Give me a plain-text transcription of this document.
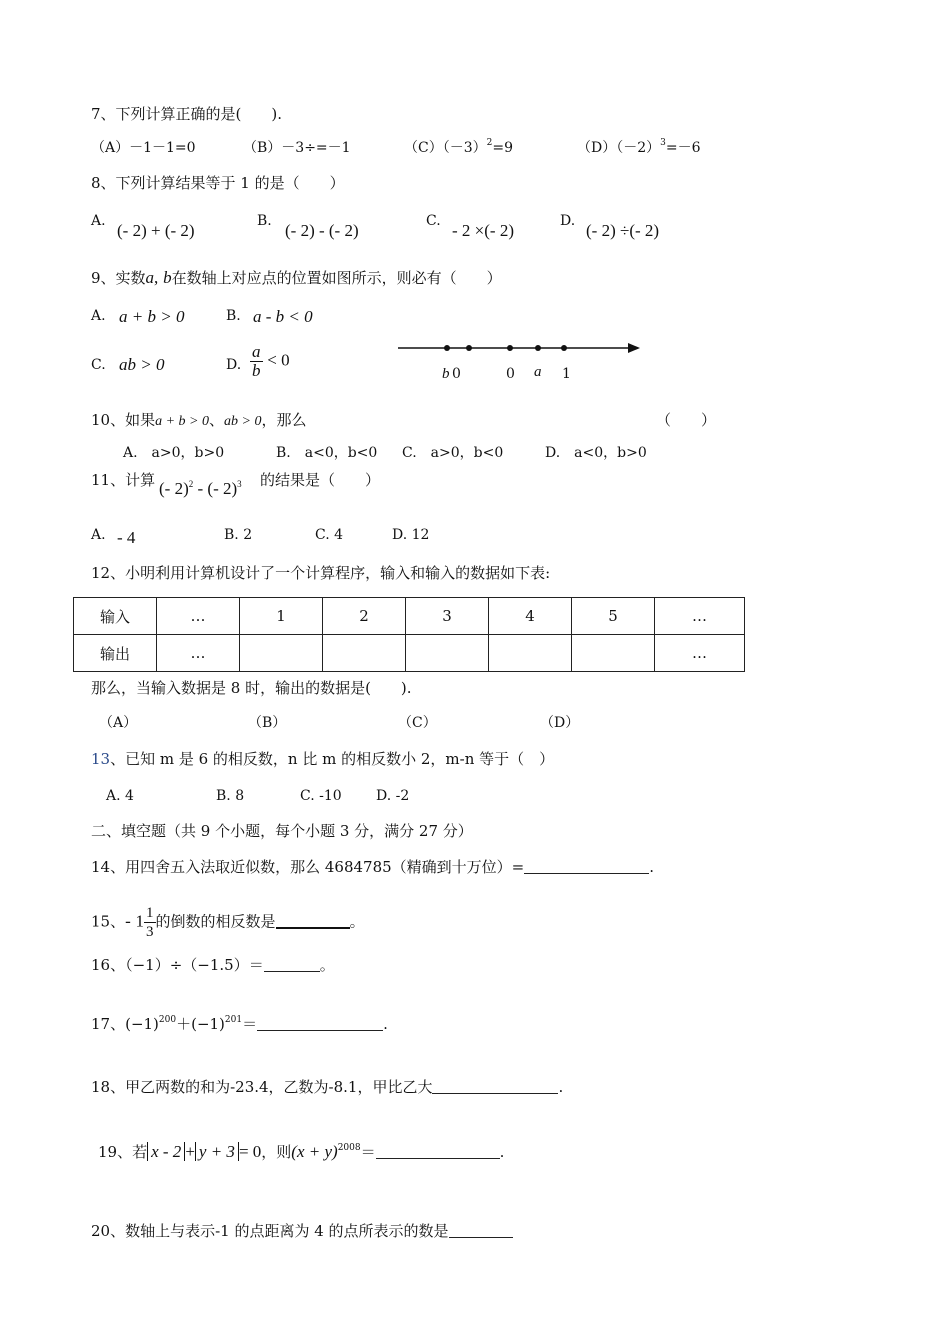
7、下列计算正确的是(　　).
（A）－1－1=0	（B）－3÷=－1	$(C)(-3)^2=9$	$(D)(-2)^3=-6$
8、下列计算结果等于 1 的是（　　）
A. (- 2) + (- 2)	B. (- 2) - (- 2)	C. - 2 ×(- 2)	D. (- 2) ÷(- 2)
9、实数a, b在数轴上对应点的位置如图所示，则必有（　　）
A. a + b > 0	B. a - b < 0
C. ab > 0	D. $\frac{a}{b} < 0$
b 0	0 a 1
10、如果a + b > 0、ab > 0，那么	（　　）
A.　a>0，b>0	B.　a<0，b<0 C.　a>0，b<0	D.　a<0，b>0
11、计算 (- 2)$^2$ - (- 2)$^3$ 的结果是（　　）
A. - 4	B. 2	C. 4	D. 12
12、小明利用计算机设计了一个计算程序，输入和输入的数据如下表:
输入	…	1	2	3	4	5	…
输出	…						…
那么，当输入数据是 8 时，输出的数据是(　　).
（A）	（B）	（C）	（D）
13、已知 m 是 6 的相反数，n 比 m 的相反数小 2，m-n 等于（　）
A. 4	B. 8	C. -10 D. -2
二、填空题（共 9 个小题，每个小题 3 分，满分 27 分）
14、用四舍五入法取近似数，那么 4684785（精确到十万位）=	.
15、- $1 \frac{1}{3}$ 的倒数的相反数是	。
16、（−1）÷（−1.5）＝	。
17、$(-1)^{200}+(-1)^{201}=$	.
18、甲乙两数的和为-23.4，乙数为-8.1，甲比乙大	.
19、若 x - 2 + y + 3 = 0，则$(x + y)^{2008}=$	.
20、数轴上与表示-1 的点距离为 4 的点所表示的数是
